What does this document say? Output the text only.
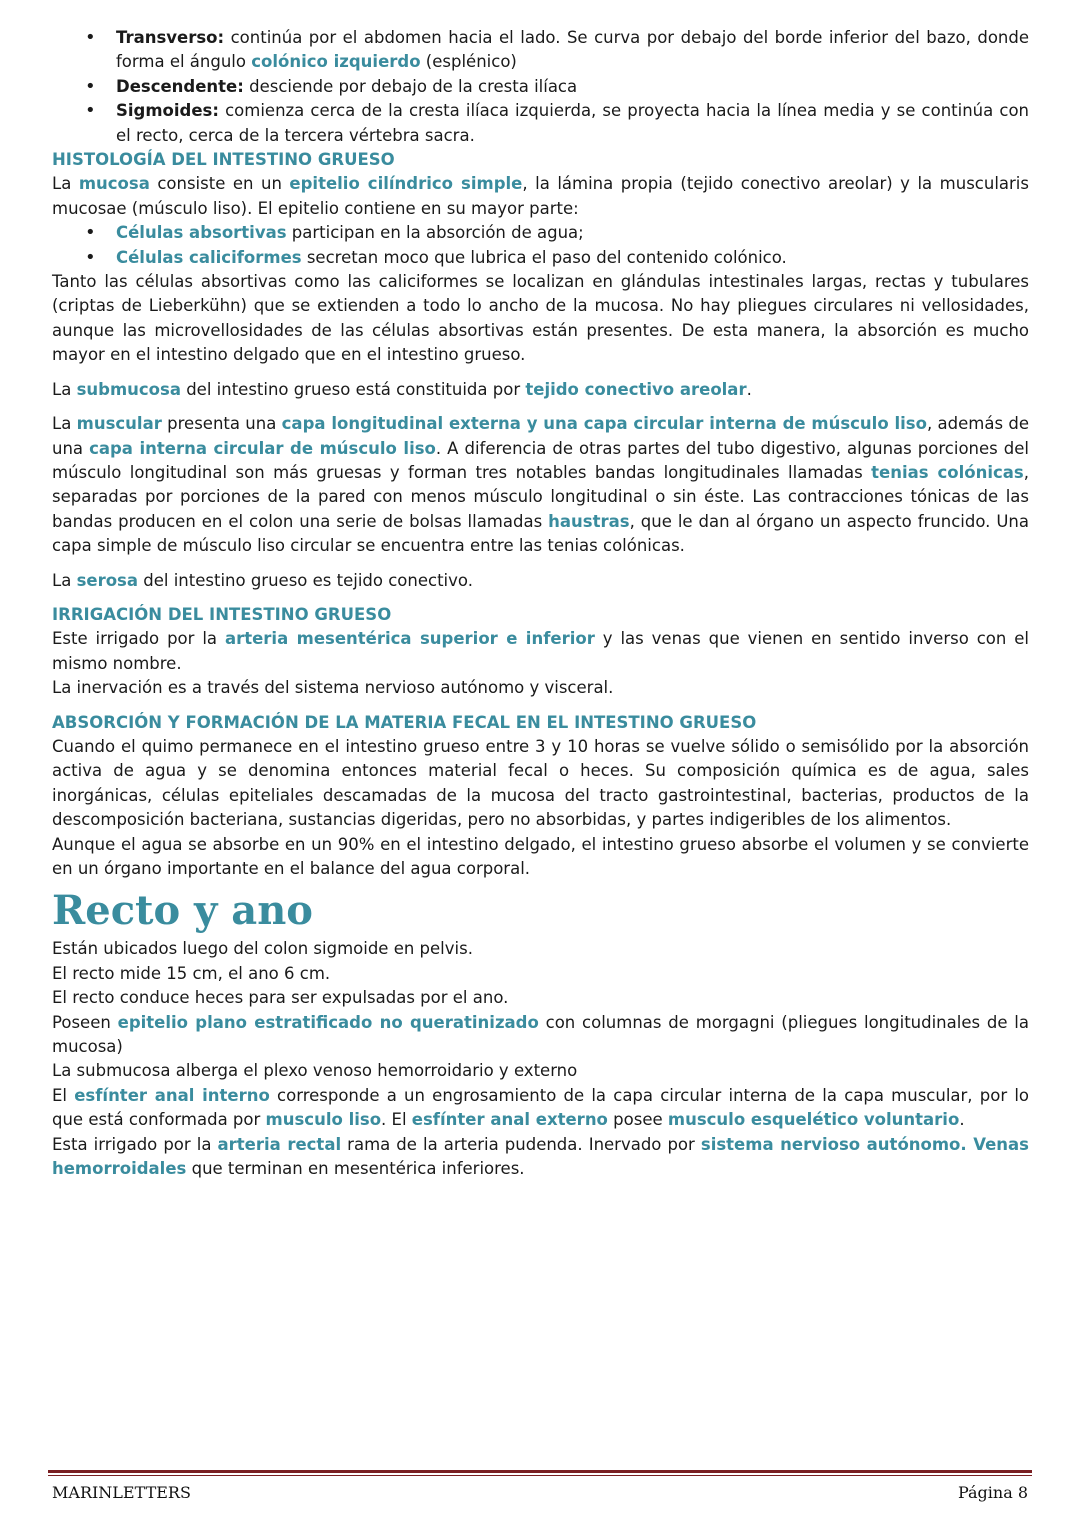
• Transverso: continúa por el abdomen hacia el lado. Se curva por debajo del borde inferior del bazo, donde forma el ángulo colónico izquierdo (esplénico)
• Descendente: desciende por debajo de la cresta ilíaca
• Sigmoides: comienza cerca de la cresta ilíaca izquierda, se proyecta hacia la línea media y se continúa con el recto, cerca de la tercera vértebra sacra.
HISTOLOGÍA DEL INTESTINO GRUESO

La mucosa consiste en un epitelio cilíndrico simple, la lámina propia (tejido conectivo areolar) y la muscularis mucosae (músculo liso). El epitelio contiene en su mayor parte:

• Células absortivas participan en la absorción de agua;
• Células caliciformes secretan moco que lubrica el paso del contenido colónico.

Tanto las células absortivas como las caliciformes se localizan en glándulas intestinales largas, rectas y tubulares (criptas de Lieberkühn) que se extienden a todo lo ancho de la mucosa. No hay pliegues circulares ni vellosidades, aunque las microvellosidades de las células absortivas están presentes. De esta manera, la absorción es mucho mayor en el intestino delgado que en el intestino grueso.

La submucosa del intestino grueso está constituida por tejido conectivo areolar.

La muscular presenta una capa longitudinal externa y una capa circular interna de músculo liso, además de una capa interna circular de músculo liso. A diferencia de otras partes del tubo digestivo, algunas porciones del músculo longitudinal son más gruesas y forman tres notables bandas longitudinales llamadas tenias colónicas, separadas por porciones de la pared con menos músculo longitudinal o sin éste. Las contracciones tónicas de las bandas producen en el colon una serie de bolsas llamadas haustras, que le dan al órgano un aspecto fruncido. Una capa simple de músculo liso circular se encuentra entre las tenias colónicas.

La serosa del intestino grueso es tejido conectivo.

IRRIGACIÓN DEL INTESTINO GRUESO

Este irrigado por la arteria mesentérica superior e inferior y las venas que vienen en sentido inverso con el mismo nombre.

La inervación es a través del sistema nervioso autónomo y visceral.

ABSORCIÓN Y FORMACIÓN DE LA MATERIA FECAL EN EL INTESTINO GRUESO

Cuando el quimo permanece en el intestino grueso entre 3 y 10 horas se vuelve sólido o semisólido por la absorción activa de agua y se denomina entonces material fecal o heces. Su composición química es de agua, sales inorgánicas, células epiteliales descamadas de la mucosa del tracto gastrointestinal, bacterias, productos de la descomposición bacteriana, sustancias digeridas, pero no absorbidas, y partes indigeribles de los alimentos.

Aunque el agua se absorbe en un 90% en el intestino delgado, el intestino grueso absorbe el volumen y se convierte en un órgano importante en el balance del agua corporal.

Recto y ano

Están ubicados luego del colon sigmoide en pelvis.

El recto mide 15 cm, el ano 6 cm.

El recto conduce heces para ser expulsadas por el ano.

Poseen epitelio plano estratificado no queratinizado con columnas de morgagni (pliegues longitudinales de la mucosa)

La submucosa alberga el plexo venoso hemorroidario y externo

El esfínter anal interno corresponde a un engrosamiento de la capa circular interna de la capa muscular, por lo que está conformada por musculo liso. El esfínter anal externo posee musculo esquelético voluntario.

Esta irrigado por la arteria rectal rama de la arteria pudenda. Inervado por sistema nervioso autónomo. Venas hemorroidales que terminan en mesentérica inferiores.

MARINLETTERS	Página 8
